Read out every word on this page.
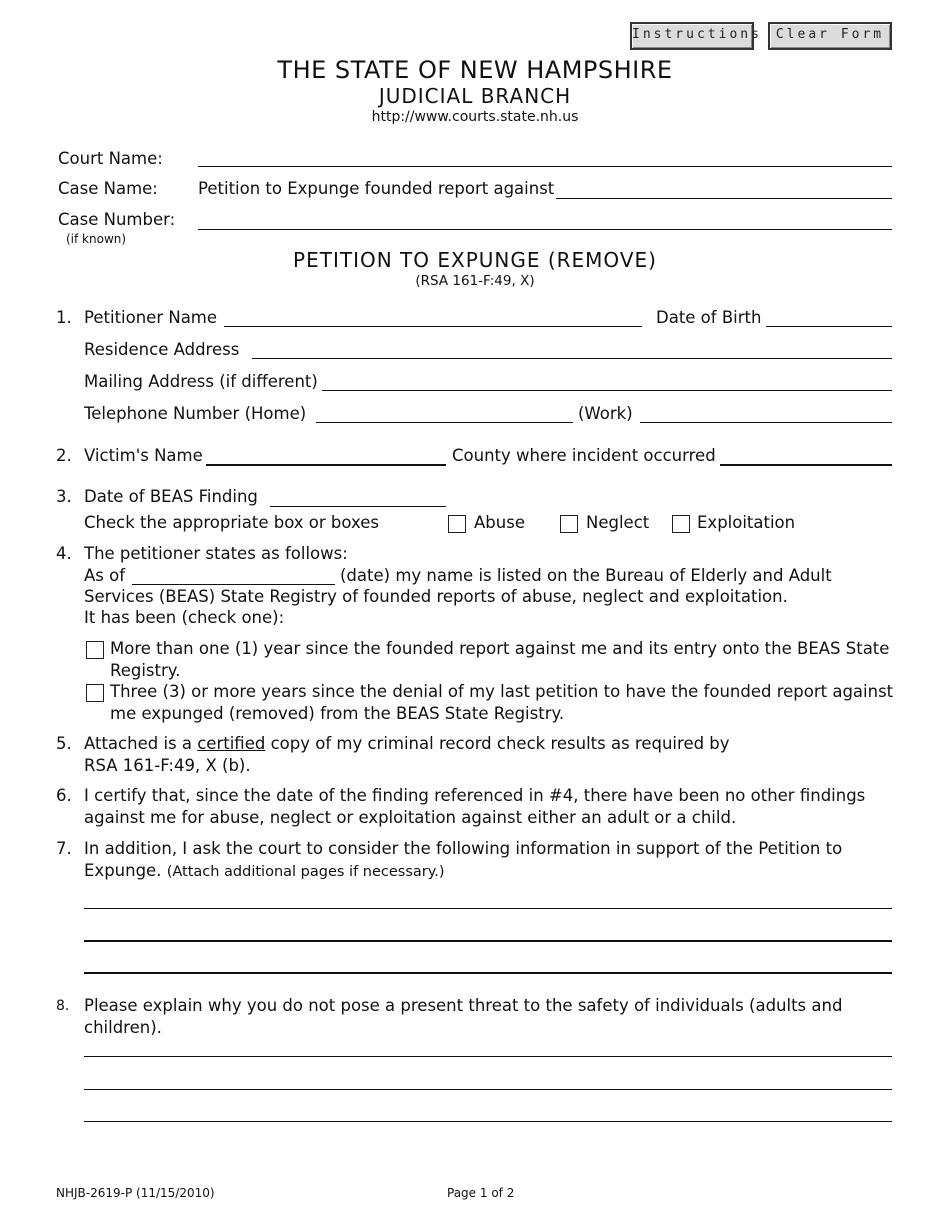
Instructions	Clear Form
THE STATE OF NEW HAMPSHIRE
JUDICIAL BRANCH
http://www.courts.state.nh.us
Court Name:
Case Name: Petition to Expunge founded report against
Case Number:
(if known)
PETITION TO EXPUNGE (REMOVE)
(RSA 161-F:49, X)
1. Petitioner Name	Date of Birth
Residence Address
Mailing Address (if different)
Telephone Number (Home)	(Work)
2. Victim's Name	County where incident occurred
3. Date of BEAS Finding
Check the appropriate box or boxes	Abuse	Neglect	Exploitation
4. The petitioner states as follows:
As of	(date) my name is listed on the Bureau of Elderly and Adult
Services (BEAS) State Registry of founded reports of abuse, neglect and exploitation.
It has been (check one):
More than one (1) year since the founded report against me and its entry onto the BEAS State
Registry.
Three (3) or more years since the denial of my last petition to have the founded report against
me expunged (removed) from the BEAS State Registry.
5. Attached is a certified copy of my criminal record check results as required by
RSA 161-F:49, X (b).
6. I certify that, since the date of the finding referenced in #4, there have been no other findings
against me for abuse, neglect or exploitation against either an adult or a child.
7. In addition, I ask the court to consider the following information in support of the Petition to
Expunge. (Attach additional pages if necessary.)
8. Please explain why you do not pose a present threat to the safety of individuals (adults and
children).
NHJB-2619-P (11/15/2010)	Page 1 of 2
